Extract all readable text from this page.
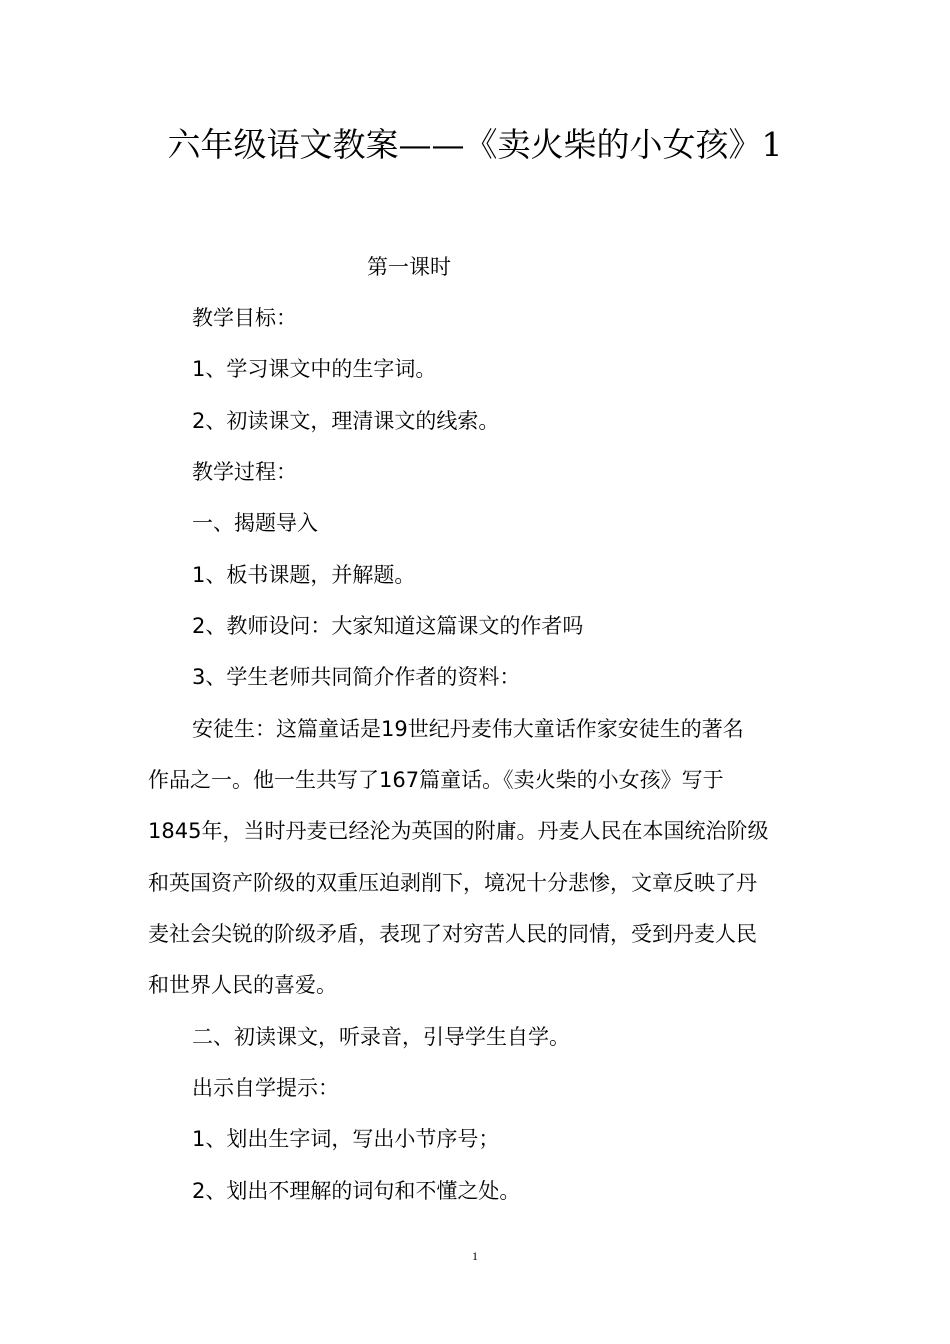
六年级语文教案——《卖火柴的小女孩》1
第一课时
教学目标：
1、学习课文中的生字词。
2、初读课文，理清课文的线索。
教学过程：
一、揭题导入
1、板书课题，并解题。
2、教师设问：大家知道这篇课文的作者吗
3、学生老师共同简介作者的资料：
安徒生：这篇童话是19世纪丹麦伟大童话作家安徒生的著名
作品之一。他一生共写了167篇童话。《卖火柴的小女孩》写于
1845年，当时丹麦已经沦为英国的附庸。丹麦人民在本国统治阶级
和英国资产阶级的双重压迫剥削下，境况十分悲惨，文章反映了丹
麦社会尖锐的阶级矛盾，表现了对穷苦人民的同情，受到丹麦人民
和世界人民的喜爱。
二、初读课文，听录音，引导学生自学。
出示自学提示：
1、划出生字词，写出小节序号；
2、划出不理解的词句和不懂之处。
1
